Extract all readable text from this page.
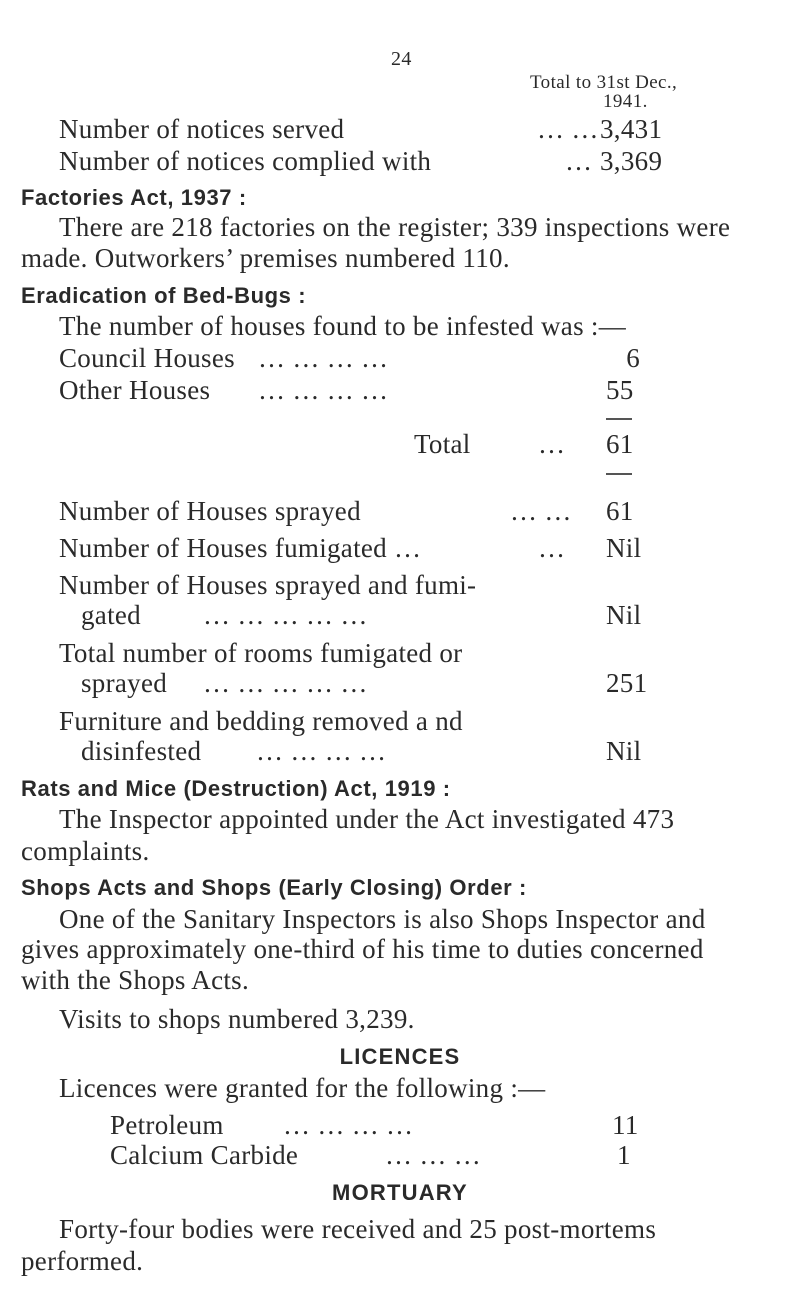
24
Total to 31st Dec.,
1941.
Number of notices served	… … 3,431
Number of notices complied with	… 3,369
Factories Act, 1937 :
There are 218 factories on the register; 339 inspections were
made. Outworkers’ premises numbered 110.
Eradication of Bed-Bugs :
The number of houses found to be infested was :—
Council Houses … … … …	6
Other Houses … … … …	55
Total … 61
Number of Houses sprayed	… … 61
Number of Houses fumigated …	… Nil
Number of Houses sprayed and fumi-
gated … … … … …	Nil
Total number of rooms fumigated or
sprayed … … … … …	251
Furniture and bedding removed a nd
disinfested … … … …	Nil
Rats and Mice (Destruction) Act, 1919 :
The Inspector appointed under the Act investigated 473
complaints.
Shops Acts and Shops (Early Closing) Order :
One of the Sanitary Inspectors is also Shops Inspector and
gives approximately one-third of his time to duties concerned
with the Shops Acts.
Visits to shops numbered 3,239.
LICENCES
Licences were granted for the following :—
Petroleum … … … …	11
Calcium Carbide	… … …	1
MORTUARY
Forty-four bodies were received and 25 post-mortems
performed.
